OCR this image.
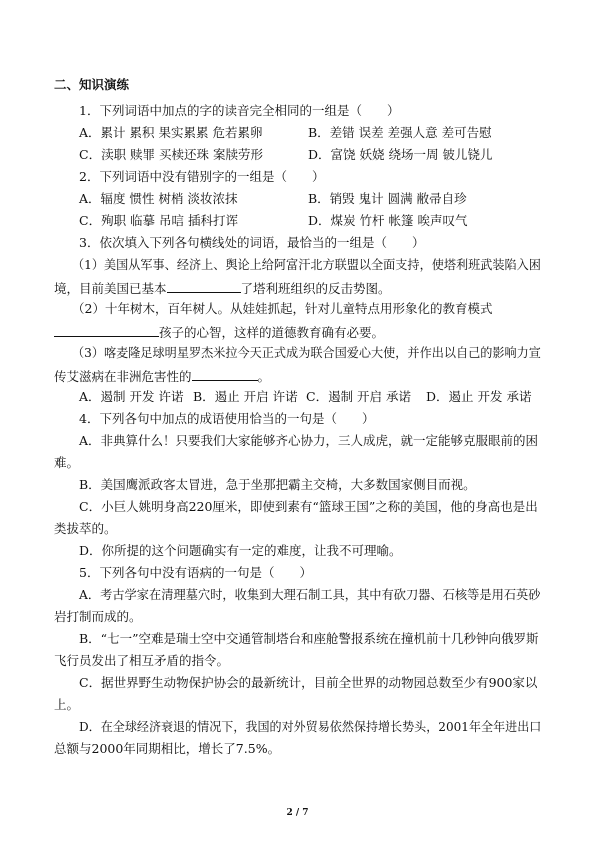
二、知识演练
1．下列词语中加点的字的读音完全相同的一组是（　　）
A．累计 累积 果实累累 危若累卵	B．差错 误差 差强人意 差可告慰
C．渎职 赎罪 买椟还珠 案牍劳形	D．富饶 妖娆 绕场一周 铍儿铙儿
2．下列词语中没有错别字的一组是（　　）
A．辐度 惯性 树梢 淡妆浓抹	B．销毁 鬼计 圆满 敝帚自珍
C．殉职 临摹 吊唁 插科打诨	D．煤炭 竹杆 帐篷 唉声叹气
3．依次填入下列各句横线处的词语，最恰当的一组是（　　）
（1）美国从军事、经济上、舆论上给阿富汗北方联盟以全面支持，使塔利班武装陷入困
境，目前美国已基本	了塔利班组织的反击势图。
（2）十年树木，百年树人。从娃娃抓起，针对儿童特点用形象化的教育模式
孩子的心智，这样的道德教育确有必要。
（3）喀麦隆足球明星罗杰米拉今天正式成为联合国爱心大使，并作出以自己的影响力宣
传艾滋病在非洲危害性的	。
A．遏制 开发 许诺 B．遏止 开启 许诺 C．遏制 开启 承诺 D．遏止 开发 承诺
4．下列各句中加点的成语使用恰当的一句是（　　）
A．非典算什么！只要我们大家能够齐心协力，三人成虎，就一定能够克服眼前的困
难。
B．美国鹰派政客太冒进，急于坐那把霸主交椅，大多数国家侧目而视。
C．小巨人姚明身高220厘米，即使到素有“篮球王国”之称的美国，他的身高也是出
类拔萃的。
D．你所提的这个问题确实有一定的难度，让我不可理喻。
5．下列各句中没有语病的一句是（　　）
A．考古学家在清理墓穴时，收集到大理石制工具，其中有砍刀器、石核等是用石英砂
岩打制而成的。
B．“七一”空难是瑞士空中交通管制塔台和座舱警报系统在撞机前十几秒钟向俄罗斯
飞行员发出了相互矛盾的指令。
C．据世界野生动物保护协会的最新统计，目前全世界的动物园总数至少有900家以
上。
D．在全球经济衰退的情况下，我国的对外贸易依然保持增长势头，2001年全年进出口
总额与2000年同期相比，增长了7.5%。
2 / 7
